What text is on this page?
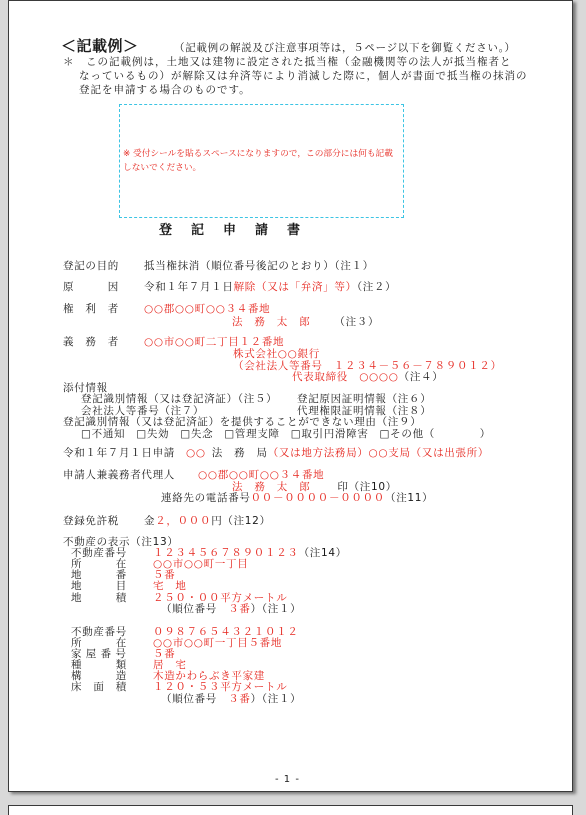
＜記載例＞	（記載例の解説及び注意事項等は，５ページ以下を御覧ください。）
＊　この記載例は，土地又は建物に設定された抵当権（金融機関等の法人が抵当権者と
なっているもの）が解除又は弁済等により消滅した際に，個人が書面で抵当権の抹消の
登記を申請する場合のものです。
※ 受付シールを貼るスペースになりますので，この部分には何も記載
しないでください。
登　記　申　請　書
登記の目的 抵当権抹消（順位番号後記のとおり）（注１）
原　　　因 令和１年７月１日解除（又は「弁済」等）（注２）
権　利　者 ○○郡○○町○○３４番地
法　務　太　郎 （注３）
義　務　者 ○○市○○町二丁目１２番地
株式会社○○銀行
（会社法人等番号　１２３４－５６－７８９０１２）
代表取締役　○○○○（注４）
添付情報
登記識別情報（又は登記済証）（注５） 登記原因証明情報（注６）
会社法人等番号（注７）	代理権限証明情報（注８）
登記識別情報（又は登記済証）を提供することができない理由（注９）
□不通知 □失効 □失念 □管理支障 □取引円滑障害 □その他（　　　　）
令和１年７月１日申請 ○○ 法　務　局（又は地方法務局）○○支局（又は出張所）
申請人兼義務者代理人 ○○郡○○町○○３４番地
法　務　太　郎	印（注10）
連絡先の電話番号００－００００－００００（注11）
登録免許税 金２，０００円（注12）
不動産の表示（注13）
不動産番号 １２３４５６７８９０１２３（注14）
所　　　在 ○○市○○町一丁目
地　　　番 ５番
地　　　目 宅　地
地　　　積 ２５０・００平方メートル
（順位番号　３番）（注１）
不動産番号 ０９８７６５４３２１０１２
所　　　在 ○○市○○町一丁目５番地
家屋番号 ５番
種　　　類 居　宅
構　　　造 木造かわらぶき平家建
床　面　積 １２０・５３平方メートル
（順位番号　３番）（注１）
- 1 -
